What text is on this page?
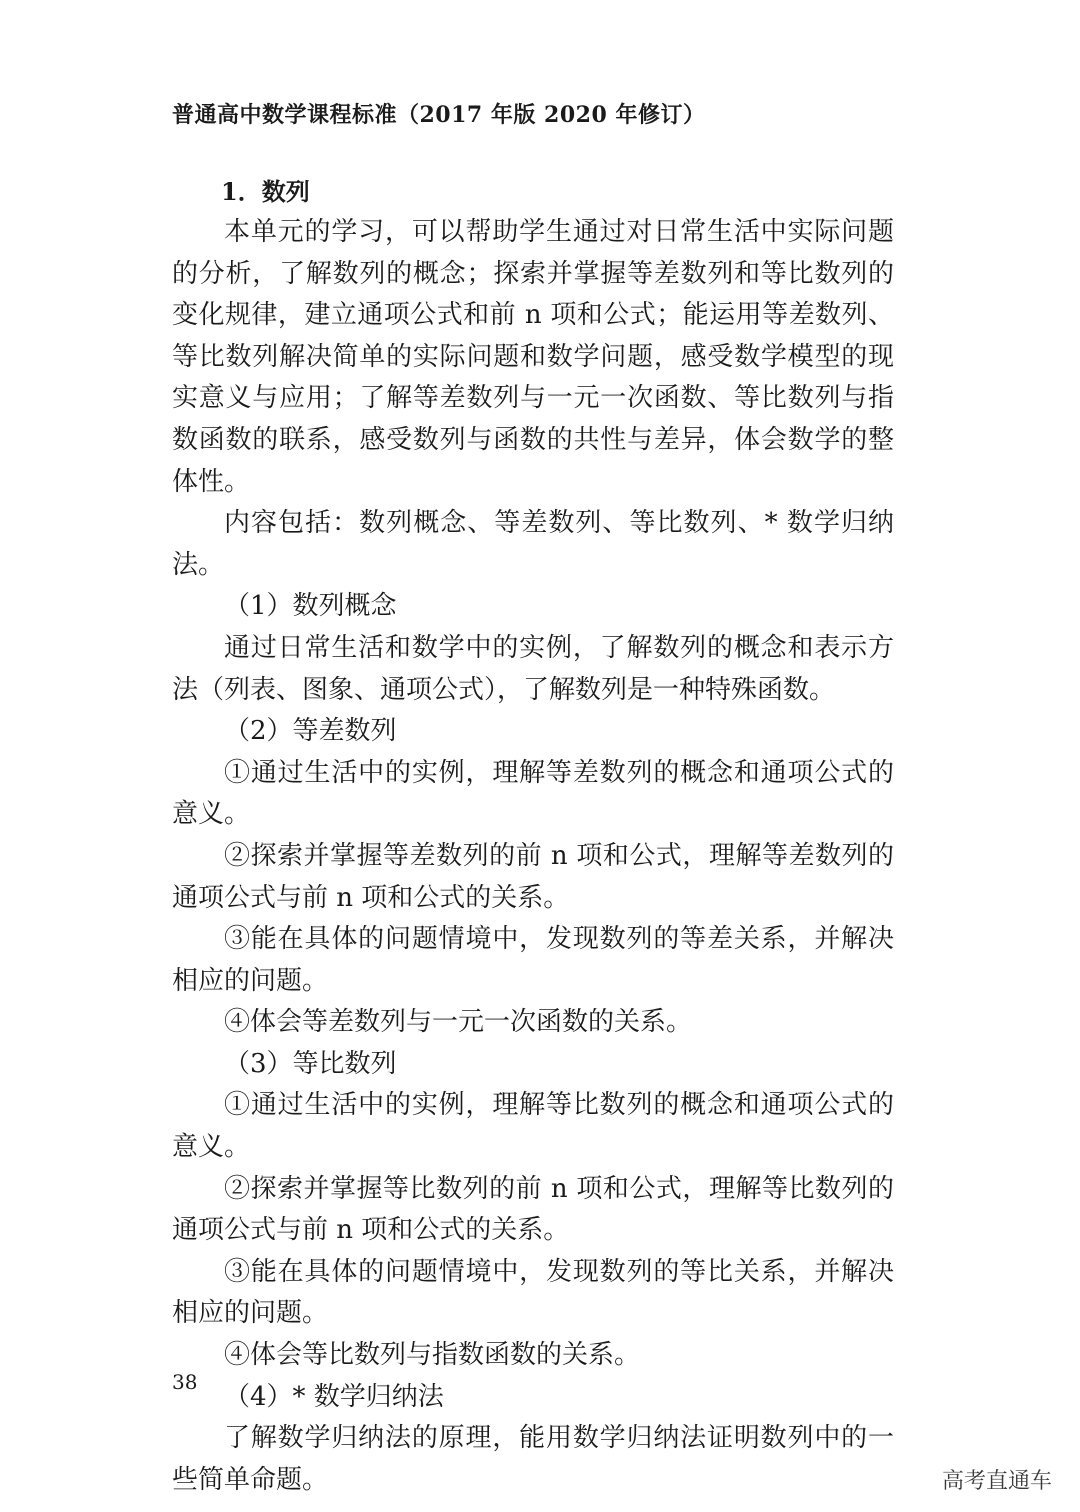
普通高中数学课程标准（2017 年版 2020 年修订）
1．数列

本单元的学习，可以帮助学生通过对日常生活中实际问题的分析，了解数列的概念；探索并掌握等差数列和等比数列的变化规律，建立通项公式和前 n 项和公式；能运用等差数列、等比数列解决简单的实际问题和数学问题，感受数学模型的现实意义与应用；了解等差数列与一元一次函数、等比数列与指数函数的联系，感受数列与函数的共性与差异，体会数学的整体性。

内容包括：数列概念、等差数列、等比数列、* 数学归纳法。

（1）数列概念

通过日常生活和数学中的实例，了解数列的概念和表示方法（列表、图象、通项公式），了解数列是一种特殊函数。

（2）等差数列

①通过生活中的实例，理解等差数列的概念和通项公式的意义。

②探索并掌握等差数列的前 n 项和公式，理解等差数列的通项公式与前 n 项和公式的关系。

③能在具体的问题情境中，发现数列的等差关系，并解决相应的问题。

④体会等差数列与一元一次函数的关系。

（3）等比数列

①通过生活中的实例，理解等比数列的概念和通项公式的意义。

②探索并掌握等比数列的前 n 项和公式，理解等比数列的通项公式与前 n 项和公式的关系。

③能在具体的问题情境中，发现数列的等比关系，并解决相应的问题。

④体会等比数列与指数函数的关系。

（4）* 数学归纳法

了解数学归纳法的原理，能用数学归纳法证明数列中的一些简单命题。

38
高考直通车
